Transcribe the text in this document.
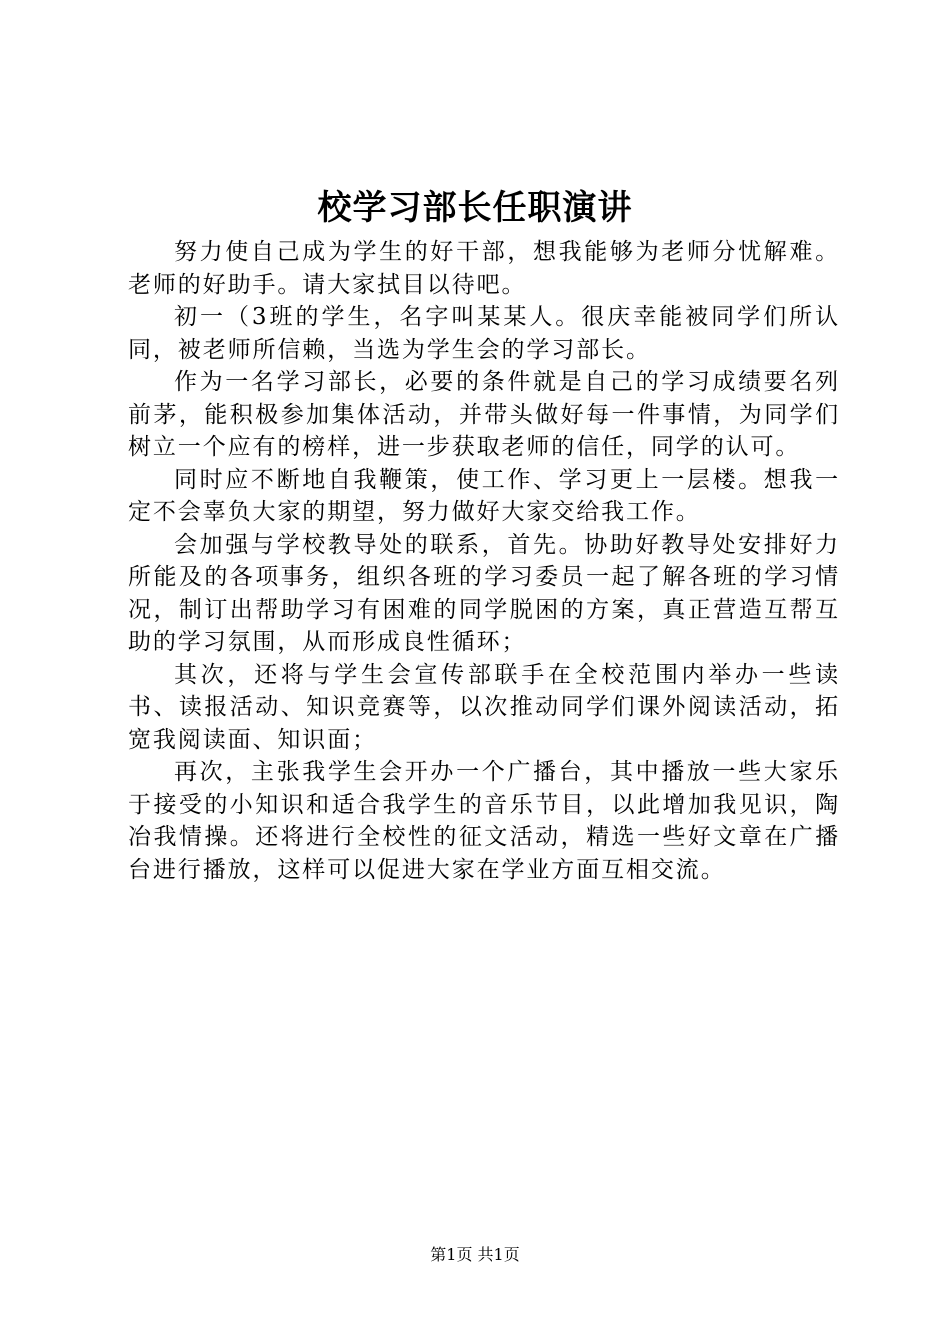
校学习部长任职演讲

努力使自己成为学生的好干部，想我能够为老师分忧解难。老师的好助手。请大家拭目以待吧。

初一（3班的学生，名字叫某某人。很庆幸能被同学们所认同，被老师所信赖，当选为学生会的学习部长。

作为一名学习部长，必要的条件就是自己的学习成绩要名列前茅，能积极参加集体活动，并带头做好每一件事情，为同学们树立一个应有的榜样，进一步获取老师的信任，同学的认可。

同时应不断地自我鞭策，使工作、学习更上一层楼。想我一定不会辜负大家的期望，努力做好大家交给我工作。

会加强与学校教导处的联系，首先。协助好教导处安排好力所能及的各项事务，组织各班的学习委员一起了解各班的学习情况，制订出帮助学习有困难的同学脱困的方案，真正营造互帮互助的学习氛围，从而形成良性循环；

其次，还将与学生会宣传部联手在全校范围内举办一些读书、读报活动、知识竞赛等，以次推动同学们课外阅读活动，拓宽我阅读面、知识面；

再次，主张我学生会开办一个广播台，其中播放一些大家乐于接受的小知识和适合我学生的音乐节目，以此增加我见识，陶冶我情操。还将进行全校性的征文活动，精选一些好文章在广播台进行播放，这样可以促进大家在学业方面互相交流。

第1页 共1页
